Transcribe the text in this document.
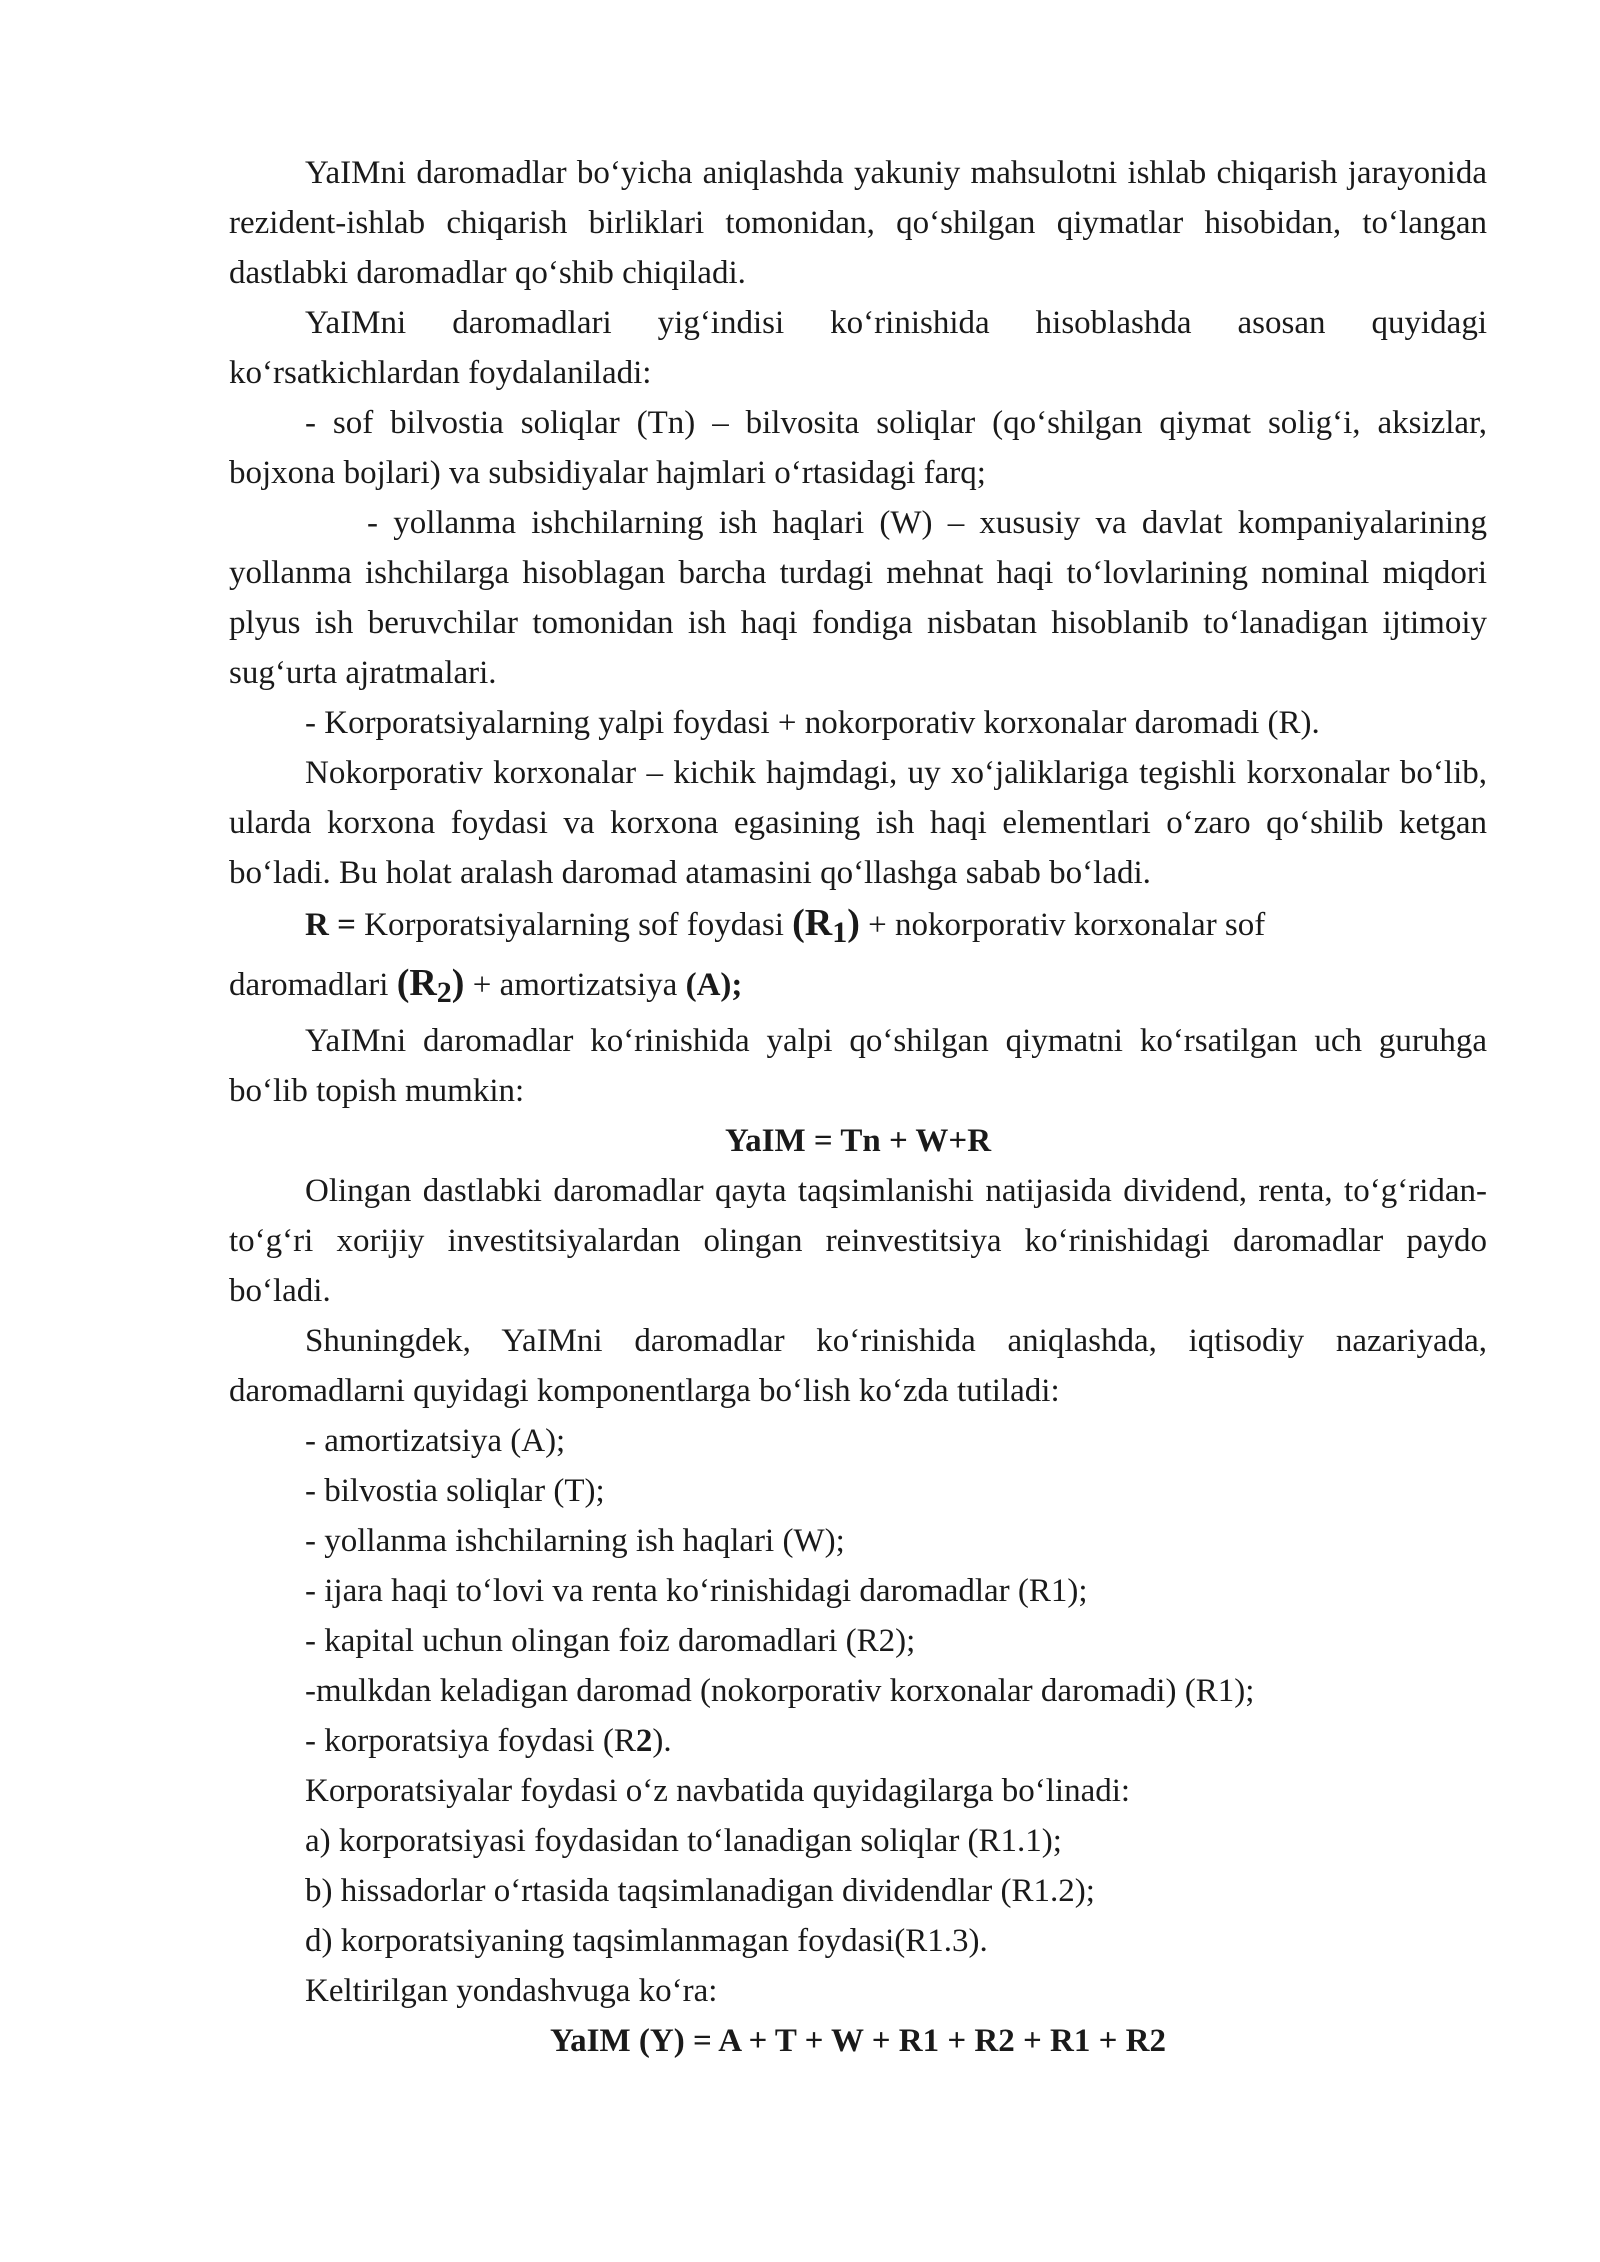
YaIMni daromadlar bo‘yicha aniqlashda yakuniy mahsulotni ishlab chiqarish jarayonida rezident-ishlab chiqarish birliklari tomonidan, qo‘shilgan qiymatlar hisobidan, to‘langan dastlabki daromadlar qo‘shib chiqiladi.

YaIMni daromadlari yig‘indisi ko‘rinishida hisoblashda asosan quyidagi ko‘rsatkichlardan foydalaniladi:

- sof bilvostia soliqlar (Tn) – bilvosita soliqlar (qo‘shilgan qiymat solig‘i, aksizlar, bojxona bojlari) va subsidiyalar hajmlari o‘rtasidagi farq;

- yollanma ishchilarning ish haqlari (W) – xususiy va davlat kompaniyalarining yollanma ishchilarga hisoblagan barcha turdagi mehnat haqi to‘lovlarining nominal miqdori plyus ish beruvchilar tomonidan ish haqi fondiga nisbatan hisoblanib to‘lanadigan ijtimoiy sug‘urta ajratmalari.

- Korporatsiyalarning yalpi foydasi + nokorporativ korxonalar daromadi (R).

Nokorporativ korxonalar – kichik hajmdagi, uy xo‘jaliklariga tegishli korxonalar bo‘lib, ularda korxona foydasi va korxona egasining ish haqi elementlari o‘zaro qo‘shilib ketgan bo‘ladi. Bu holat aralash daromad atamasini qo‘llashga sabab bo‘ladi.

R = Korporatsiyalarning sof foydasi $(R_1)$ + nokorporativ korxonalar sof
daromadlari $(R_2)$ + amortizatsiya (A);

YaIMni daromadlar ko‘rinishida yalpi qo‘shilgan qiymatni ko‘rsatilgan uch guruhga bo‘lib topish mumkin:

YaIM = Tn + W+R

Olingan dastlabki daromadlar qayta taqsimlanishi natijasida dividend, renta, to‘g‘ridan-to‘g‘ri xorijiy investitsiyalardan olingan reinvestitsiya ko‘rinishidagi daromadlar paydo bo‘ladi.

Shuningdek, YaIMni daromadlar ko‘rinishida aniqlashda, iqtisodiy nazariyada, daromadlarni quyidagi komponentlarga bo‘lish ko‘zda tutiladi:

- amortizatsiya (A);
- bilvostia soliqlar (T);
- yollanma ishchilarning ish haqlari (W);
- ijara haqi to‘lovi va renta ko‘rinishidagi daromadlar (R1);
- kapital uchun olingan foiz daromadlari (R2);
-mulkdan keladigan daromad (nokorporativ korxonalar daromadi) (R1);
- korporatsiya foydasi (R2).

Korporatsiyalar foydasi o‘z navbatida quyidagilarga bo‘linadi:

a) korporatsiyasi foydasidan to‘lanadigan soliqlar (R1.1);
b) hissadorlar o‘rtasida taqsimlanadigan dividendlar (R1.2);
d) korporatsiyaning taqsimlanmagan foydasi(R1.3).

Keltirilgan yondashvuga ko‘ra:

YaIM (Y) = A + T + W + R1 + R2 + R1 + R2
